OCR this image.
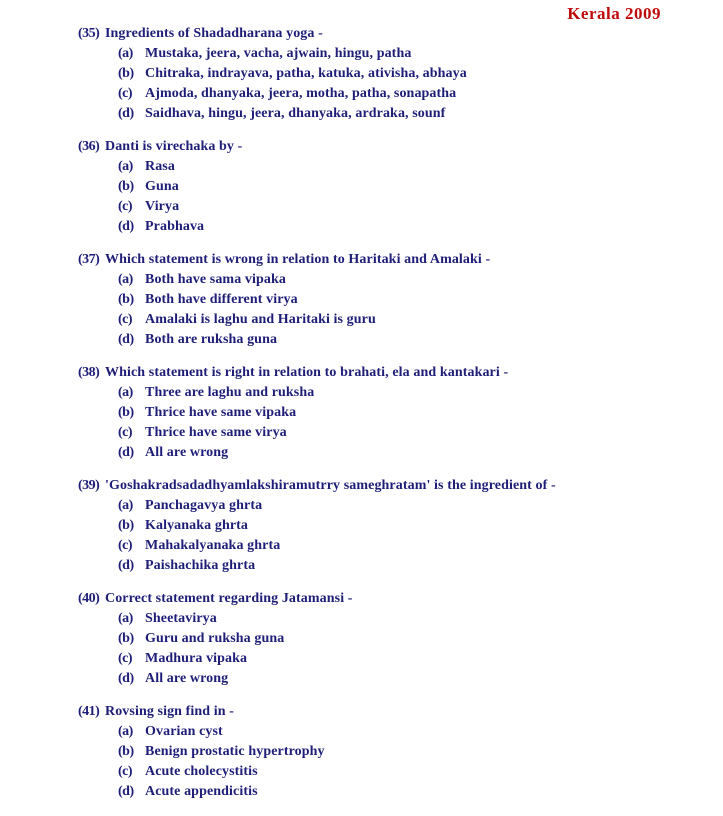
Kerala 2009
(35) Ingredients of Shadadharana yoga -
(a) Mustaka, jeera, vacha, ajwain, hingu, patha
(b) Chitraka, indrayava, patha, katuka, ativisha, abhaya
(c) Ajmoda, dhanyaka, jeera, motha, patha, sonapatha
(d) Saidhava, hingu, jeera, dhanyaka, ardraka, sounf
(36) Danti is virechaka by -
(a) Rasa
(b) Guna
(c) Virya
(d) Prabhava
(37) Which statement is wrong in relation to Haritaki and Amalaki -
(a) Both have sama vipaka
(b) Both have different virya
(c) Amalaki is laghu and Haritaki is guru
(d) Both are ruksha guna
(38) Which statement is right in relation to brahati, ela and kantakari -
(a) Three are laghu and ruksha
(b) Thrice have same vipaka
(c) Thrice have same virya
(d) All are wrong
(39) 'Goshakradsadadhyamlakshiramutrry sameghratam' is the ingredient of -
(a) Panchagavya ghrta
(b) Kalyanaka ghrta
(c) Mahakalyanaka ghrta
(d) Paishachika ghrta
(40) Correct statement regarding Jatamansi -
(a) Sheetavirya
(b) Guru and ruksha guna
(c) Madhura vipaka
(d) All are wrong
(41) Rovsing sign find in -
(a) Ovarian cyst
(b) Benign prostatic hypertrophy
(c) Acute cholecystitis
(d) Acute appendicitis
